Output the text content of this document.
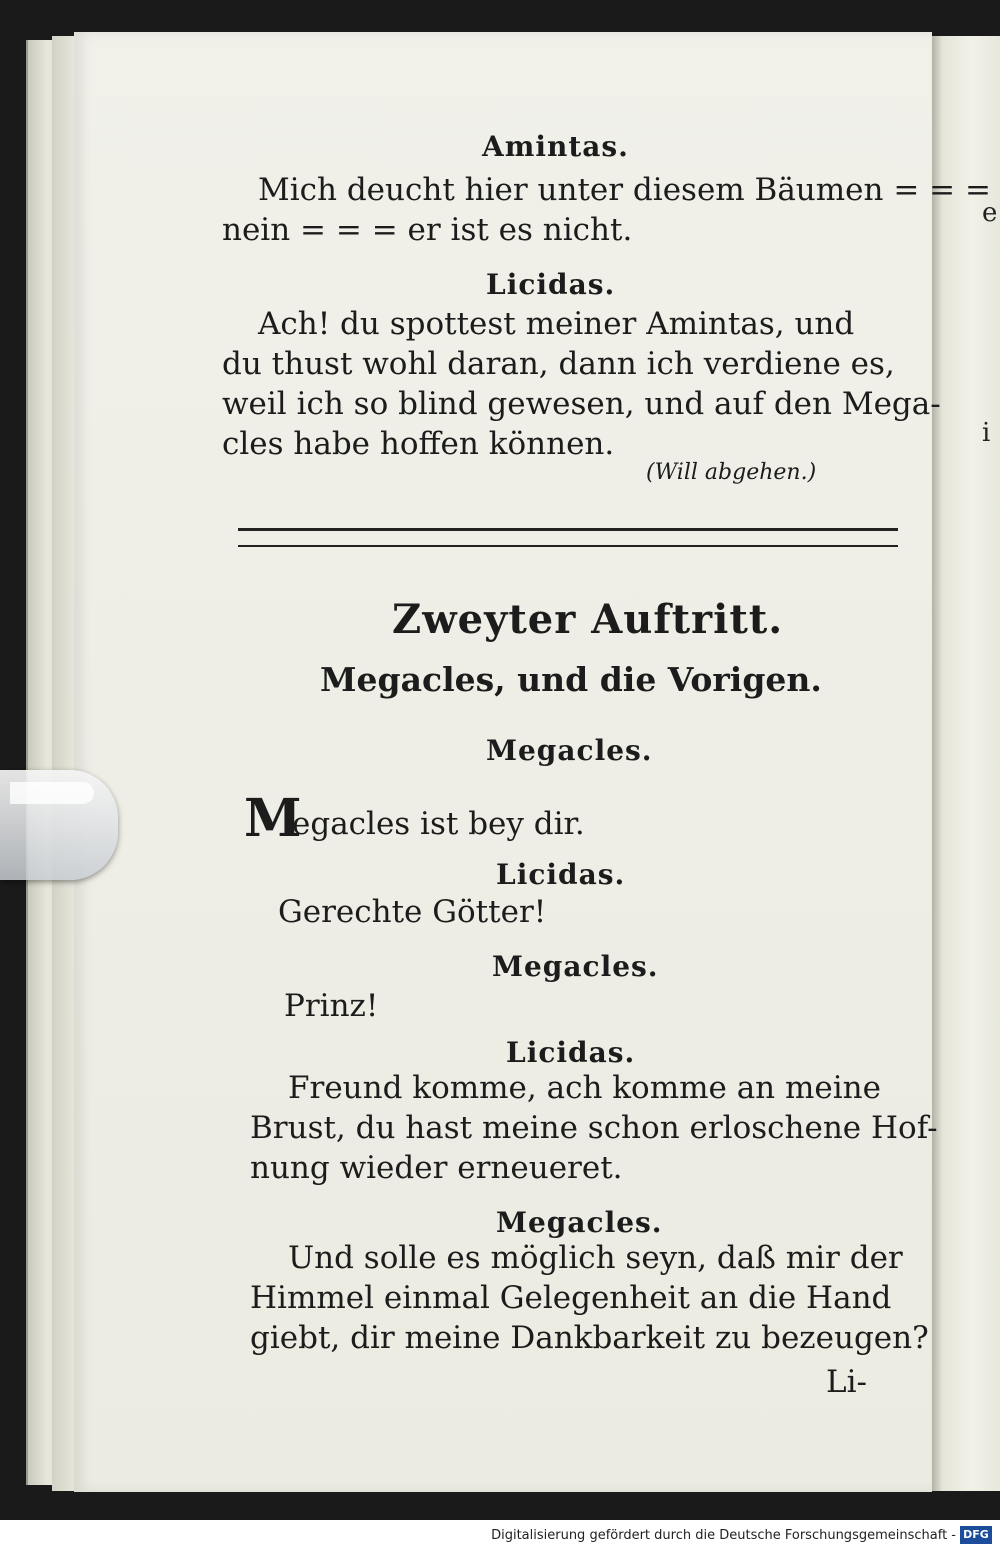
e
i
Amintas.
Mich deucht hier unter diesem Bäumen = = =
nein = = = er ist es nicht.
Licidas.
Ach! du spottest meiner Amintas, und
du thust wohl daran, dann ich verdiene es,
weil ich so blind gewesen, und auf den Mega-
cles habe hoffen können.
(Will abgehen.)
Zweyter Auftritt.
Megacles, und die Vorigen.
Megacles.
M
egacles ist bey dir.
Licidas.
Gerechte Götter!
Megacles.
Prinz!
Licidas.
Freund komme, ach komme an meine
Brust, du hast meine schon erloschene Hof-
nung wieder erneueret.
Megacles.
Und solle es möglich seyn, daß mir der
Himmel einmal Gelegenheit an die Hand
giebt, dir meine Dankbarkeit zu bezeugen?
Li-
Digitalisierung gefördert durch die Deutsche Forschungsgemeinschaft - DFG
